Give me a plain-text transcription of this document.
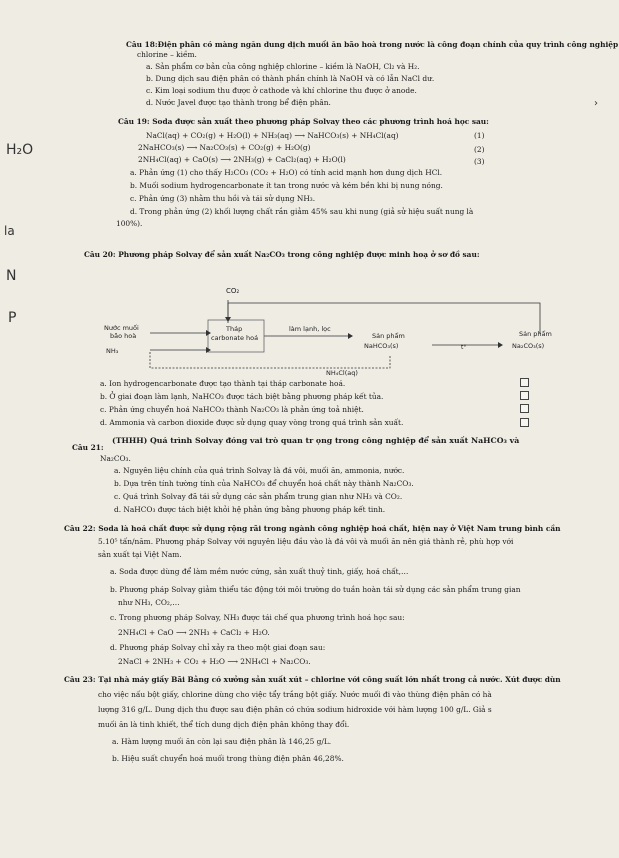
H₂O
la
N
P
›
Câu 18:Điện phân có màng ngăn dung dịch muối ăn bão hoà trong nước là công đoạn chính của quy trình công nghiệp
chlorine – kiềm.
a. Sản phẩm cơ bản của công nghiệp chlorine – kiềm là NaOH, Cl₂ và H₂.
b. Dung dịch sau điện phân có thành phần chính là NaOH và có lẫn NaCl dư.
c. Kim loại sodium thu được ở cathode và khí chlorine thu được ở anode.
d. Nước Javel được tạo thành trong bể điện phân.
Câu 19: Soda được sản xuất theo phương pháp Solvay theo các phương trình hoá học sau:
NaCl(aq) + CO₂(g) + H₂O(l) + NH₃(aq) ⟶ NaHCO₃(s) + NH₄Cl(aq)	(1)
2NaHCO₃(s) ⟶ Na₂CO₃(s) + CO₂(g) + H₂O(g)	(2)
2NH₄Cl(aq) + CaO(s) ⟶ 2NH₃(g) + CaCl₂(aq) + H₂O(l)	(3)
a. Phản ứng (1) cho thấy H₂CO₃ (CO₂ + H₂O) có tính acid mạnh hơn dung dịch HCl.
b. Muối sodium hydrogencarbonate ít tan trong nước và kém bền khi bị nung nóng.
c. Phản ứng (3) nhằm thu hồi và tái sử dụng NH₃.
d. Trong phản ứng (2) khối lượng chất rắn giảm 45% sau khi nung (giả sử hiệu suất nung là
100%).
Câu 20: Phương pháp Solvay để sản xuất Na₂CO₃ trong công nghiệp được minh hoạ ở sơ đồ sau:
CO₂
Nước muối
bão hoà
NH₃
Tháp
carbonate hoá
làm lạnh, lọc
Sản phẩm
NaHCO₃(s)	t°
Sản phẩm
Na₂CO₃(s)
NH₄Cl(aq)
a. Ion hydrogencarbonate được tạo thành tại tháp carbonate hoá.
b. Ở giai đoạn làm lạnh, NaHCO₃ được tách biệt bằng phương pháp kết tủa.
c. Phản ứng chuyển hoá NaHCO₃ thành Na₂CO₃ là phản ứng toả nhiệt.
d. Ammonia và carbon dioxide được sử dụng quay vòng trong quá trình sản xuất.
Câu 21:
(THHH) Quá trình Solvay đóng vai trò quan tr ọng trong công nghiệp để sản xuất NaHCO₃ và
Na₂CO₃.
a. Nguyên liệu chính của quá trình Solvay là đá vôi, muối ăn, ammonia, nước.
b. Dựa trên tính tường tính của NaHCO₃ để chuyển hoá chất này thành Na₂CO₃.
c. Quá trình Solvay đã tái sử dụng các sản phẩm trung gian như NH₃ và CO₂.
d. NaHCO₃ được tách biệt khỏi hệ phản ứng bằng phương pháp kết tinh.
Câu 22: Soda là hoá chất được sử dụng rộng rãi trong ngành công nghiệp hoá chất, hiện nay ở Việt Nam trung bình cần
5.10⁵ tấn/năm. Phương pháp Solvay với nguyên liệu đầu vào là đá vôi và muối ăn nên giá thành rẻ, phù hợp với
sản xuất tại Việt Nam.
a. Soda được dùng để làm mềm nước cứng, sản xuất thuỷ tinh, giấy, hoá chất,…
b. Phương pháp Solvay giảm thiểu tác động tới môi trường do tuần hoàn tái sử dụng các sản phẩm trung gian
như NH₃, CO₂,…
c. Trong phương pháp Solvay, NH₃ được tái chế qua phương trình hoá học sau:
2NH₄Cl + CaO ⟶ 2NH₃ + CaCl₂ + H₂O.
d. Phương pháp Solvay chỉ xảy ra theo một giai đoạn sau:
2NaCl + 2NH₃ + CO₂ + H₂O ⟶ 2NH₄Cl + Na₂CO₃.
Câu 23: Tại nhà máy giấy Bãi Bằng có xưởng sản xuất xút – chlorine với công suất lớn nhất trong cả nước. Xút được dùn
cho việc nấu bột giấy, chlorine dùng cho việc tẩy trắng bột giấy. Nước muối đi vào thùng điện phân có hà
lượng 316 g/L. Dung dịch thu được sau điện phân có chứa sodium hidroxide với hàm lượng 100 g/L. Giả s
muối ăn là tinh khiết, thể tích dung dịch điện phân không thay đổi.
a. Hàm lượng muối ăn còn lại sau điện phân là 146,25 g/L.
b. Hiệu suất chuyển hoá muối trong thùng điện phân 46,28%.
